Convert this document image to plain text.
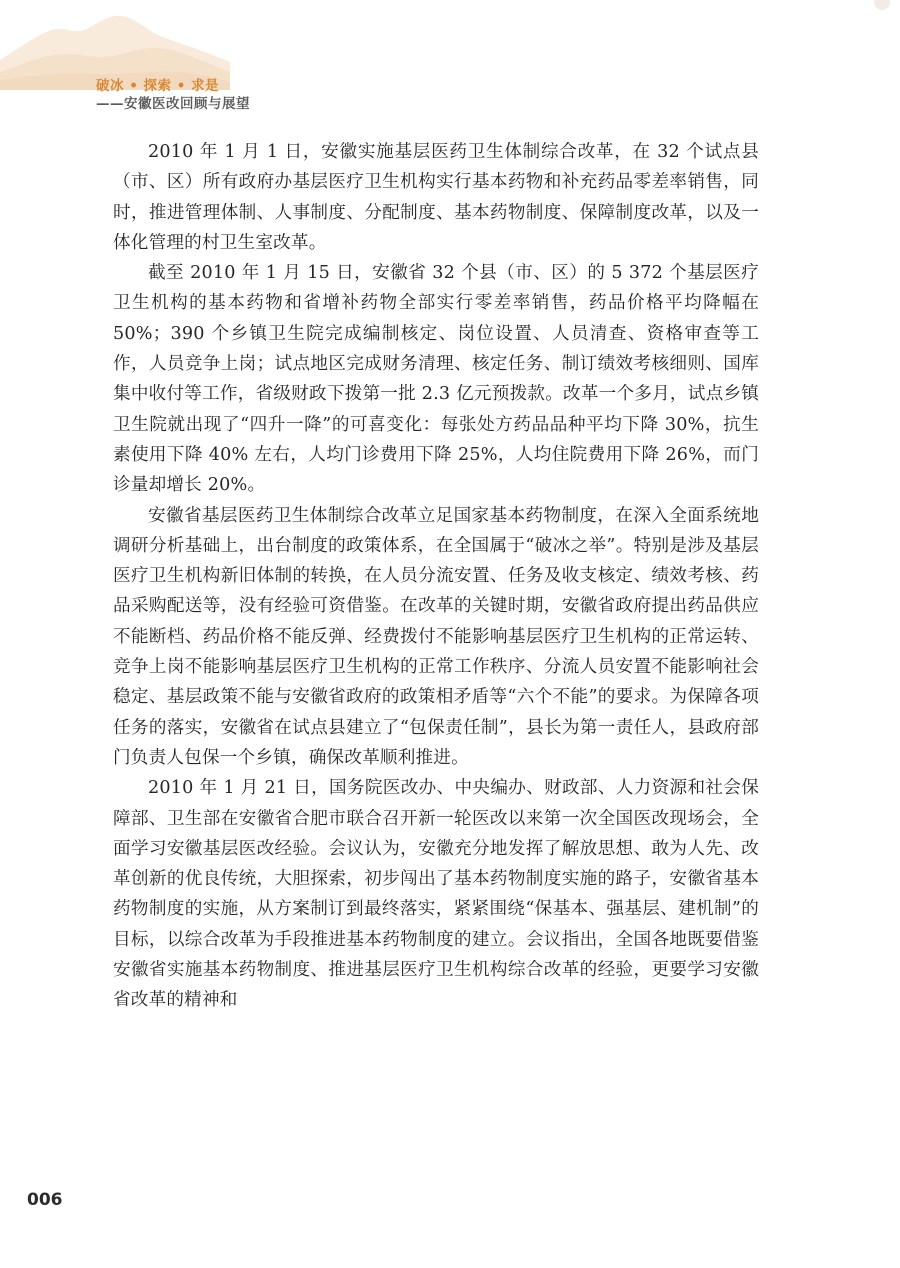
破冰 • 探索 • 求是
——安徽医改回顾与展望

2010 年 1 月 1 日，安徽实施基层医药卫生体制综合改革，在 32 个试点县（市、区）所有政府办基层医疗卫生机构实行基本药物和补充药品零差率销售，同时，推进管理体制、人事制度、分配制度、基本药物制度、保障制度改革，以及一体化管理的村卫生室改革。

截至 2010 年 1 月 15 日，安徽省 32 个县（市、区）的 5 372 个基层医疗卫生机构的基本药物和省增补药物全部实行零差率销售，药品价格平均降幅在 50%；390 个乡镇卫生院完成编制核定、岗位设置、人员清查、资格审查等工作，人员竞争上岗；试点地区完成财务清理、核定任务、制订绩效考核细则、国库集中收付等工作，省级财政下拨第一批 2.3 亿元预拨款。改革一个多月，试点乡镇卫生院就出现了“四升一降”的可喜变化：每张处方药品品种平均下降 30%，抗生素使用下降 40% 左右，人均门诊费用下降 25%，人均住院费用下降 26%，而门诊量却增长 20%。

安徽省基层医药卫生体制综合改革立足国家基本药物制度，在深入全面系统地调研分析基础上，出台制度的政策体系，在全国属于“破冰之举”。特别是涉及基层医疗卫生机构新旧体制的转换，在人员分流安置、任务及收支核定、绩效考核、药品采购配送等，没有经验可资借鉴。在改革的关键时期，安徽省政府提出药品供应不能断档、药品价格不能反弹、经费拨付不能影响基层医疗卫生机构的正常运转、竞争上岗不能影响基层医疗卫生机构的正常工作秩序、分流人员安置不能影响社会稳定、基层政策不能与安徽省政府的政策相矛盾等“六个不能”的要求。为保障各项任务的落实，安徽省在试点县建立了“包保责任制”，县长为第一责任人，县政府部门负责人包保一个乡镇，确保改革顺利推进。

2010 年 1 月 21 日，国务院医改办、中央编办、财政部、人力资源和社会保障部、卫生部在安徽省合肥市联合召开新一轮医改以来第一次全国医改现场会，全面学习安徽基层医改经验。会议认为，安徽充分地发挥了解放思想、敢为人先、改革创新的优良传统，大胆探索，初步闯出了基本药物制度实施的路子，安徽省基本药物制度的实施，从方案制订到最终落实，紧紧围绕“保基本、强基层、建机制”的目标，以综合改革为手段推进基本药物制度的建立。会议指出，全国各地既要借鉴安徽省实施基本药物制度、推进基层医疗卫生机构综合改革的经验，更要学习安徽省改革的精神和

006
